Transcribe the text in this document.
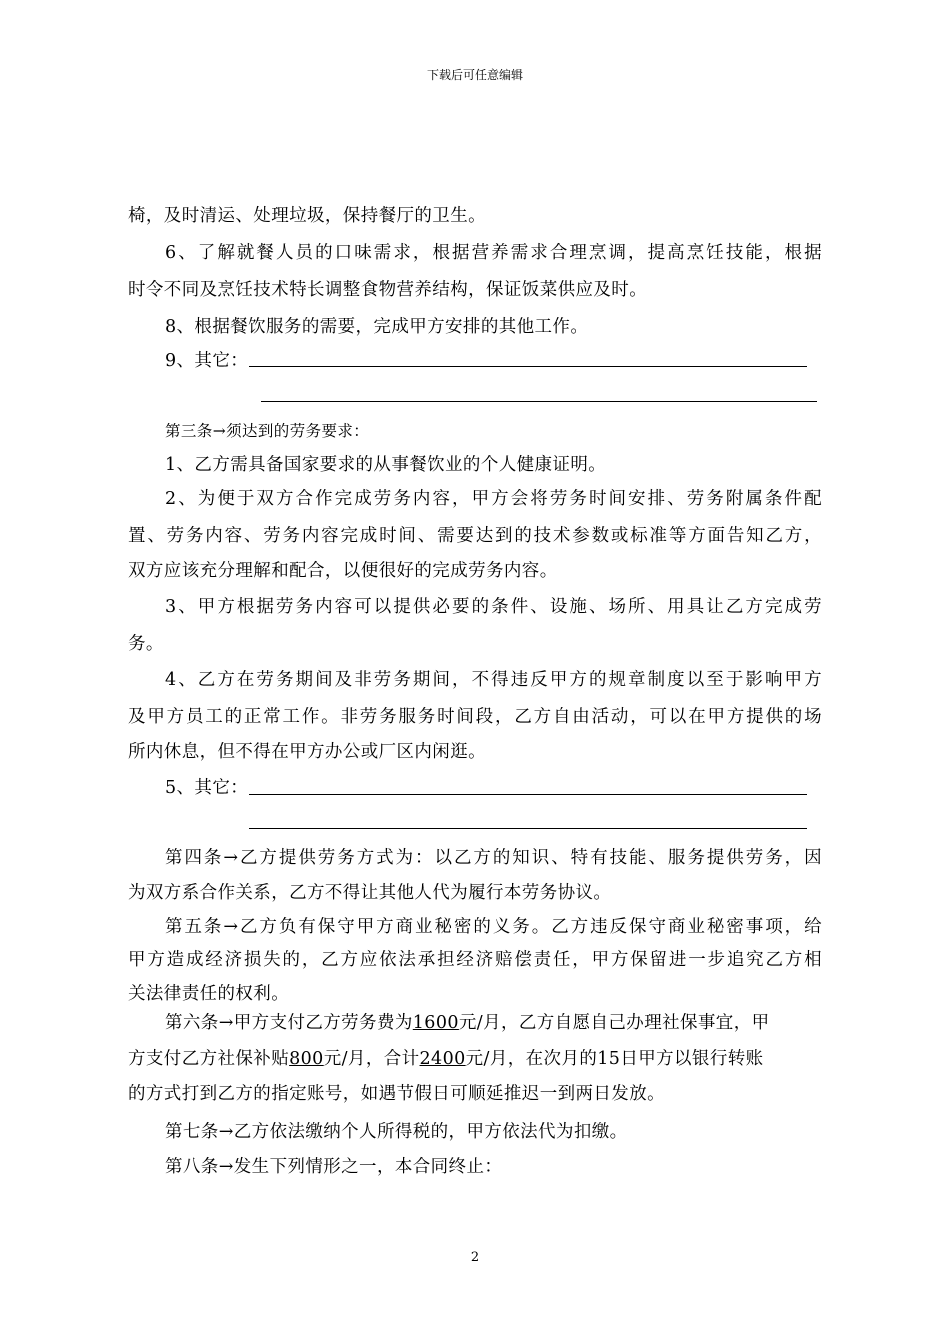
下载后可任意编辑
椅，及时清运、处理垃圾，保持餐厅的卫生。
6、了解就餐人员的口味需求，根据营养需求合理烹调，提高烹饪技能，根据
时令不同及烹饪技术特长调整食物营养结构，保证饭菜供应及时。
8、根据餐饮服务的需要，完成甲方安排的其他工作。
9、其它：
第三条→须达到的劳务要求：
1、乙方需具备国家要求的从事餐饮业的个人健康证明。
2、为便于双方合作完成劳务内容，甲方会将劳务时间安排、劳务附属条件配
置、劳务内容、劳务内容完成时间、需要达到的技术参数或标准等方面告知乙方，
双方应该充分理解和配合，以便很好的完成劳务内容。
3、甲方根据劳务内容可以提供必要的条件、设施、场所、用具让乙方完成劳
务。
4、乙方在劳务期间及非劳务期间，不得违反甲方的规章制度以至于影响甲方
及甲方员工的正常工作。非劳务服务时间段，乙方自由活动，可以在甲方提供的场
所内休息，但不得在甲方办公或厂区内闲逛。
5、其它：
第四条→乙方提供劳务方式为：以乙方的知识、特有技能、服务提供劳务，因
为双方系合作关系，乙方不得让其他人代为履行本劳务协议。
第五条→乙方负有保守甲方商业秘密的义务。乙方违反保守商业秘密事项，给
甲方造成经济损失的，乙方应依法承担经济赔偿责任，甲方保留进一步追究乙方相
关法律责任的权利。
第六条→甲方支付乙方劳务费为1600元/月，乙方自愿自己办理社保事宜，甲
方支付乙方社保补贴800元/月，合计2400元/月，在次月的15日甲方以银行转账
的方式打到乙方的指定账号，如遇节假日可顺延推迟一到两日发放。
第七条→乙方依法缴纳个人所得税的，甲方依法代为扣缴。
第八条→发生下列情形之一，本合同终止：
2
